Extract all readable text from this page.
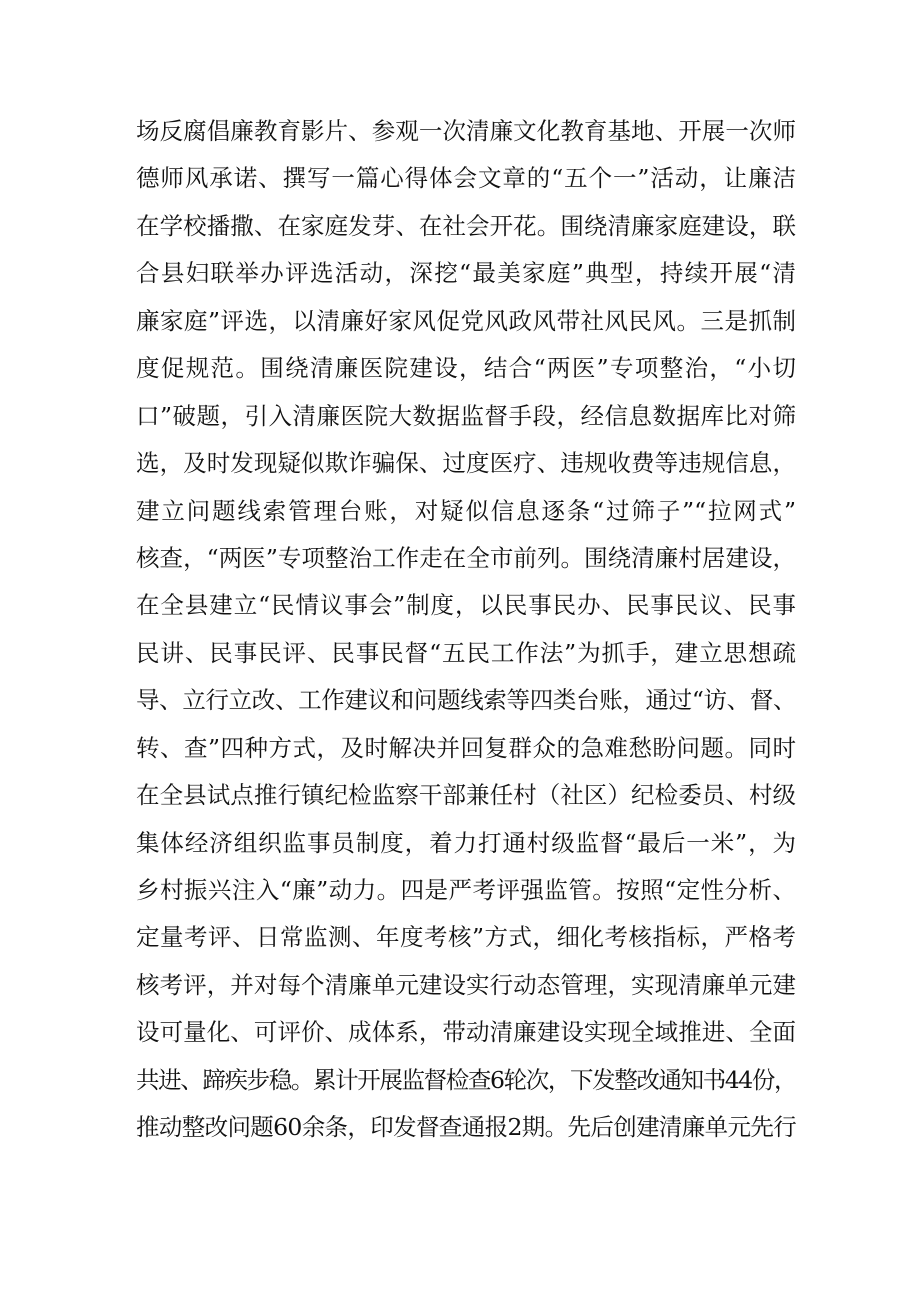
场反腐倡廉教育影片、参观一次清廉文化教育基地、开展一次师
德师风承诺、撰写一篇心得体会文章的“五个一”活动，让廉洁
在学校播撒、在家庭发芽、在社会开花。围绕清廉家庭建设，联
合县妇联举办评选活动，深挖“最美家庭”典型，持续开展“清
廉家庭”评选，以清廉好家风促党风政风带社风民风。三是抓制
度促规范。围绕清廉医院建设，结合“两医”专项整治，“小切
口”破题，引入清廉医院大数据监督手段，经信息数据库比对筛
选，及时发现疑似欺诈骗保、过度医疗、违规收费等违规信息，
建立问题线索管理台账，对疑似信息逐条“过筛子”“拉网式”
核查，“两医”专项整治工作走在全市前列。围绕清廉村居建设，
在全县建立“民情议事会”制度，以民事民办、民事民议、民事
民讲、民事民评、民事民督“五民工作法”为抓手，建立思想疏
导、立行立改、工作建议和问题线索等四类台账，通过“访、督、
转、查”四种方式，及时解决并回复群众的急难愁盼问题。同时
在全县试点推行镇纪检监察干部兼任村（社区）纪检委员、村级
集体经济组织监事员制度，着力打通村级监督“最后一米”，为
乡村振兴注入“廉”动力。四是严考评强监管。按照“定性分析、
定量考评、日常监测、年度考核”方式，细化考核指标，严格考
核考评，并对每个清廉单元建设实行动态管理，实现清廉单元建
设可量化、可评价、成体系，带动清廉建设实现全域推进、全面
共进、蹄疾步稳。累计开展监督检查6轮次，下发整改通知书44份，
推动整改问题60余条，印发督查通报2期。先后创建清廉单元先行
